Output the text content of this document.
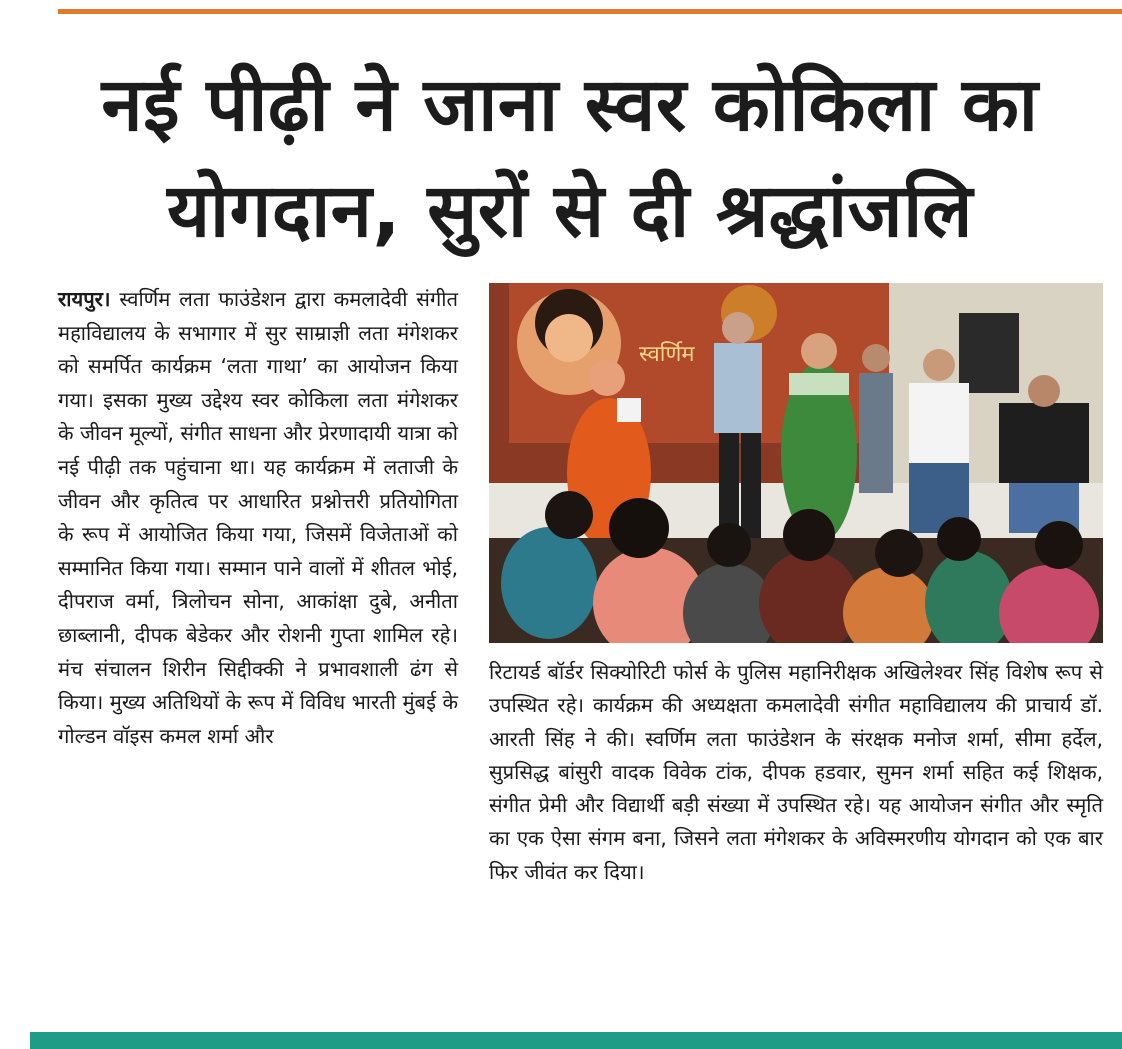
नई पीढ़ी ने जाना स्वर कोकिला का योगदान, सुरों से दी श्रद्धांजलि

रायपुर। स्वर्णिम लता फाउंडेशन द्वारा कमलादेवी संगीत महाविद्यालय के सभागार में सुर साम्राज्ञी लता मंगेशकर को समर्पित कार्यक्रम ‘लता गाथा’ का आयोजन किया गया। इसका मुख्य उद्देश्य स्वर कोकिला लता मंगेशकर के जीवन मूल्यों, संगीत साधना और प्रेरणादायी यात्रा को नई पीढ़ी तक पहुंचाना था। यह कार्यक्रम में लताजी के जीवन और कृतित्व पर आधारित प्रश्नोत्तरी प्रतियोगिता के रूप में आयोजित किया गया, जिसमें विजेताओं को सम्मानित किया गया। सम्मान पाने वालों में शीतल भोई, दीपराज वर्मा, त्रिलोचन सोना, आकांक्षा दुबे, अनीता छाब्लानी, दीपक बेडेकर और रोशनी गुप्ता शामिल रहे। मंच संचालन शिरीन सिद्दीक्की ने प्रभावशाली ढंग से किया। मुख्य अतिथियों के रूप में विविध भारती मुंबई के गोल्डन वॉइस कमल शर्मा और

स्वर्णिम

रिटायर्ड बॉर्डर सिक्योरिटी फोर्स के पुलिस महानिरीक्षक अखिलेश्वर सिंह विशेष रूप से उपस्थित रहे। कार्यक्रम की अध्यक्षता कमलादेवी संगीत महाविद्यालय की प्राचार्य डॉ. आरती सिंह ने की। स्वर्णिम लता फाउंडेशन के संरक्षक मनोज शर्मा, सीमा हर्देल, सुप्रसिद्ध बांसुरी वादक विवेक टांक, दीपक हडवार, सुमन शर्मा सहित कई शिक्षक, संगीत प्रेमी और विद्यार्थी बड़ी संख्या में उपस्थित रहे। यह आयोजन संगीत और स्मृति का एक ऐसा संगम बना, जिसने लता मंगेशकर के अविस्मरणीय योगदान को एक बार फिर जीवंत कर दिया।
